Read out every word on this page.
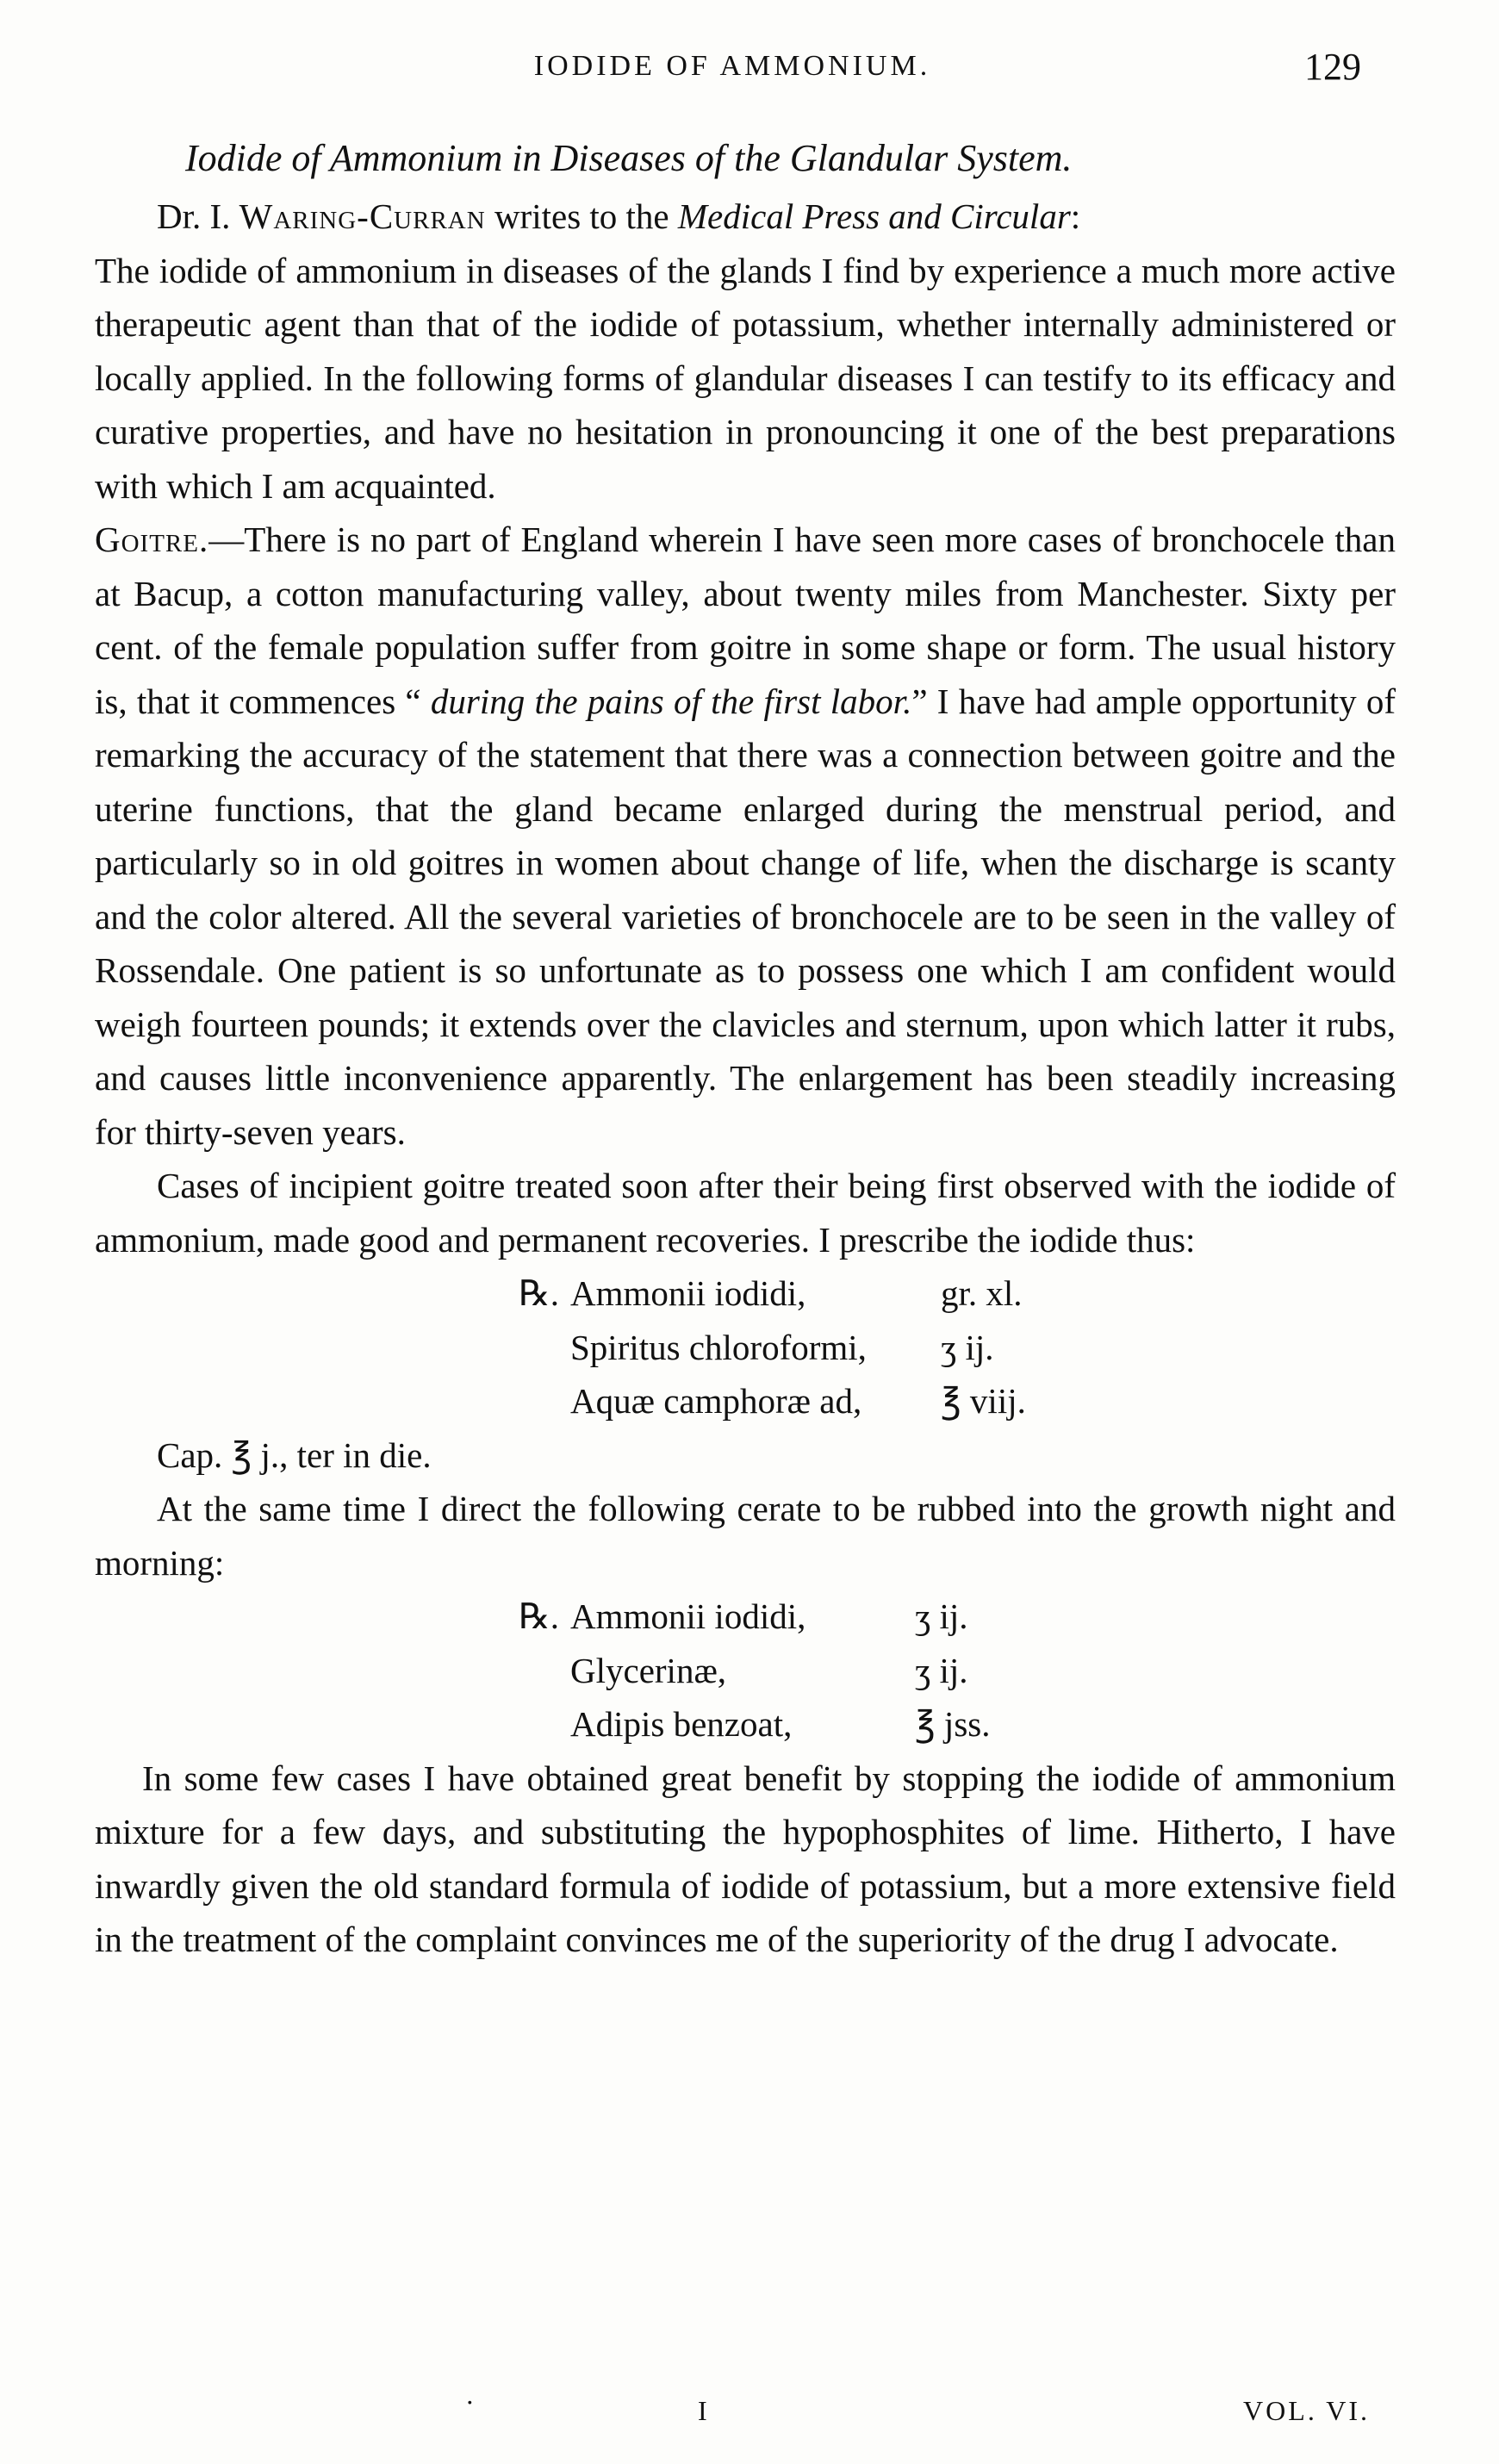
IODIDE OF AMMONIUM.	129
Iodide of Ammonium in Diseases of the Glandular System.

Dr. I. Waring-Curran writes to the Medical Press and Circular:

The iodide of ammonium in diseases of the glands I find by experience a much more active therapeutic agent than that of the iodide of potassium, whether internally administered or locally applied. In the following forms of glandular diseases I can testify to its efficacy and curative properties, and have no hesitation in pronouncing it one of the best preparations with which I am acquainted.

Goitre.—There is no part of England wherein I have seen more cases of bronchocele than at Bacup, a cotton manufacturing valley, about twenty miles from Manchester. Sixty per cent. of the female population suffer from goitre in some shape or form. The usual history is, that it commences “ during the pains of the first labor.” I have had ample opportunity of remarking the accuracy of the statement that there was a connection between goitre and the uterine functions, that the gland became enlarged during the menstrual period, and particularly so in old goitres in women about change of life, when the discharge is scanty and the color altered. All the several varieties of bronchocele are to be seen in the valley of Rossendale. One patient is so unfortunate as to possess one which I am confident would weigh fourteen pounds; it extends over the clavicles and sternum, upon which latter it rubs, and causes little inconvenience apparently. The enlargement has been steadily increasing for thirty-seven years.

Cases of incipient goitre treated soon after their being first observed with the iodide of ammonium, made good and permanent recoveries. I prescribe the iodide thus:

℞. Ammonii iodidi,	gr. xl.
Spiritus chloroformi,	ʒ ij.
Aquæ camphoræ ad,	℥ viij.

Cap. ℥ j., ter in die.

At the same time I direct the following cerate to be rubbed into the growth night and morning:

℞. Ammonii iodidi,	ʒ ij.
Glycerinæ,	ʒ ij.
Adipis benzoat,	℥ jss.

In some few cases I have obtained great benefit by stopping the iodide of ammonium mixture for a few days, and substituting the hypophosphites of lime. Hitherto, I have inwardly given the old standard formula of iodide of potassium, but a more extensive field in the treatment of the complaint convinces me of the superiority of the drug I advocate.

·	I	VOL. VI.
